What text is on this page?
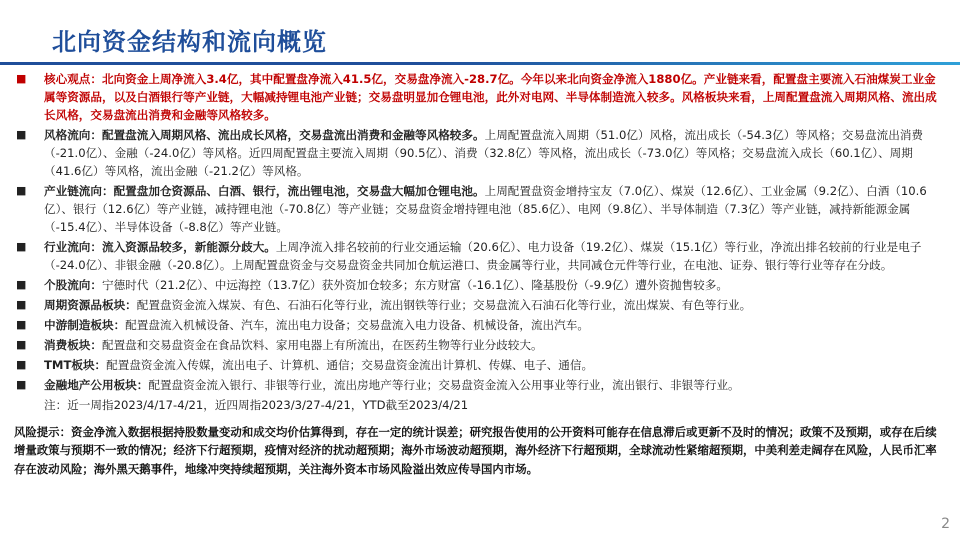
北向资金结构和流向概览
■ 核心观点：北向资金上周净流入3.4亿，其中配置盘净流入41.5亿，交易盘净流入-28.7亿。今年以来北向资金净流入1880亿。产业链来看，配置盘主要流入石油煤炭工业金属等资源品，以及白酒银行等产业链，大幅减持锂电池产业链；交易盘明显加仓锂电池，此外对电网、半导体制造流入较多。风格板块来看，上周配置盘流入周期风格、流出成长风格，交易盘流出消费和金融等风格较多。
■ 风格流向：配置盘流入周期风格、流出成长风格，交易盘流出消费和金融等风格较多。上周配置盘流入周期（51.0亿）风格，流出成长（-54.3亿）等风格；交易盘流出消费（-21.0亿）、金融（-24.0亿）等风格。近四周配置盘主要流入周期（90.5亿）、消费（32.8亿）等风格，流出成长（-73.0亿）等风格；交易盘流入成长（60.1亿）、周期（41.6亿）等风格，流出金融（-21.2亿）等风格。
■ 产业链流向：配置盘加仓资源品、白酒、银行，流出锂电池，交易盘大幅加仓锂电池。上周配置盘资金增持宝友（7.0亿）、煤炭（12.6亿）、工业金属（9.2亿）、白酒（10.6亿）、银行（12.6亿）等产业链，减持锂电池（-70.8亿）等产业链；交易盘资金增持锂电池（85.6亿）、电网（9.8亿）、半导体制造（7.3亿）等产业链，减持新能源金属（-15.4亿）、半导体设备（-8.8亿）等产业链。
■ 行业流向：流入资源品较多，新能源分歧大。上周净流入排名较前的行业交通运输（20.6亿）、电力设备（19.2亿）、煤炭（15.1亿）等行业，净流出排名较前的行业是电子（-24.0亿）、非银金融（-20.8亿）。上周配置盘资金与交易盘资金共同加仓航运港口、贵金属等行业，共同减仓元件等行业，在电池、证券、银行等行业等存在分歧。
■ 个股流向：宁德时代（21.2亿）、中远海控（13.7亿）获外资加仓较多；东方财富（-16.1亿）、隆基股份（-9.9亿）遭外资抛售较多。
■ 周期资源品板块：配置盘资金流入煤炭、有色、石油石化等行业，流出钢铁等行业；交易盘流入石油石化等行业，流出煤炭、有色等行业。
■ 中游制造板块：配置盘流入机械设备、汽车，流出电力设备；交易盘流入电力设备、机械设备，流出汽车。
■ 消费板块：配置盘和交易盘资金在食品饮料、家用电器上有所流出，在医药生物等行业分歧较大。
■ TMT板块：配置盘资金流入传媒，流出电子、计算机、通信；交易盘资金流出计算机、传媒、电子、通信。
■ 金融地产公用板块：配置盘资金流入银行、非银等行业，流出房地产等行业；交易盘资金流入公用事业等行业，流出银行、非银等行业。
注：近一周指2023/4/17-4/21，近四周指2023/3/27-4/21，YTD截至2023/4/21
风险提示：资金净流入数据根据持股数量变动和成交均价估算得到，存在一定的统计误差；研究报告使用的公开资料可能存在信息滞后或更新不及时的情况；政策不及预期，或存在后续增量政策与预期不一致的情况；经济下行超预期，疫情对经济的扰动超预期；海外市场波动超预期，海外经济下行超预期，全球流动性紧缩超预期，中美利差走阔存在风险，人民币汇率存在波动风险；海外黑天鹅事件，地缘冲突持续超预期，关注海外资本市场风险溢出效应传导国内市场。
2
